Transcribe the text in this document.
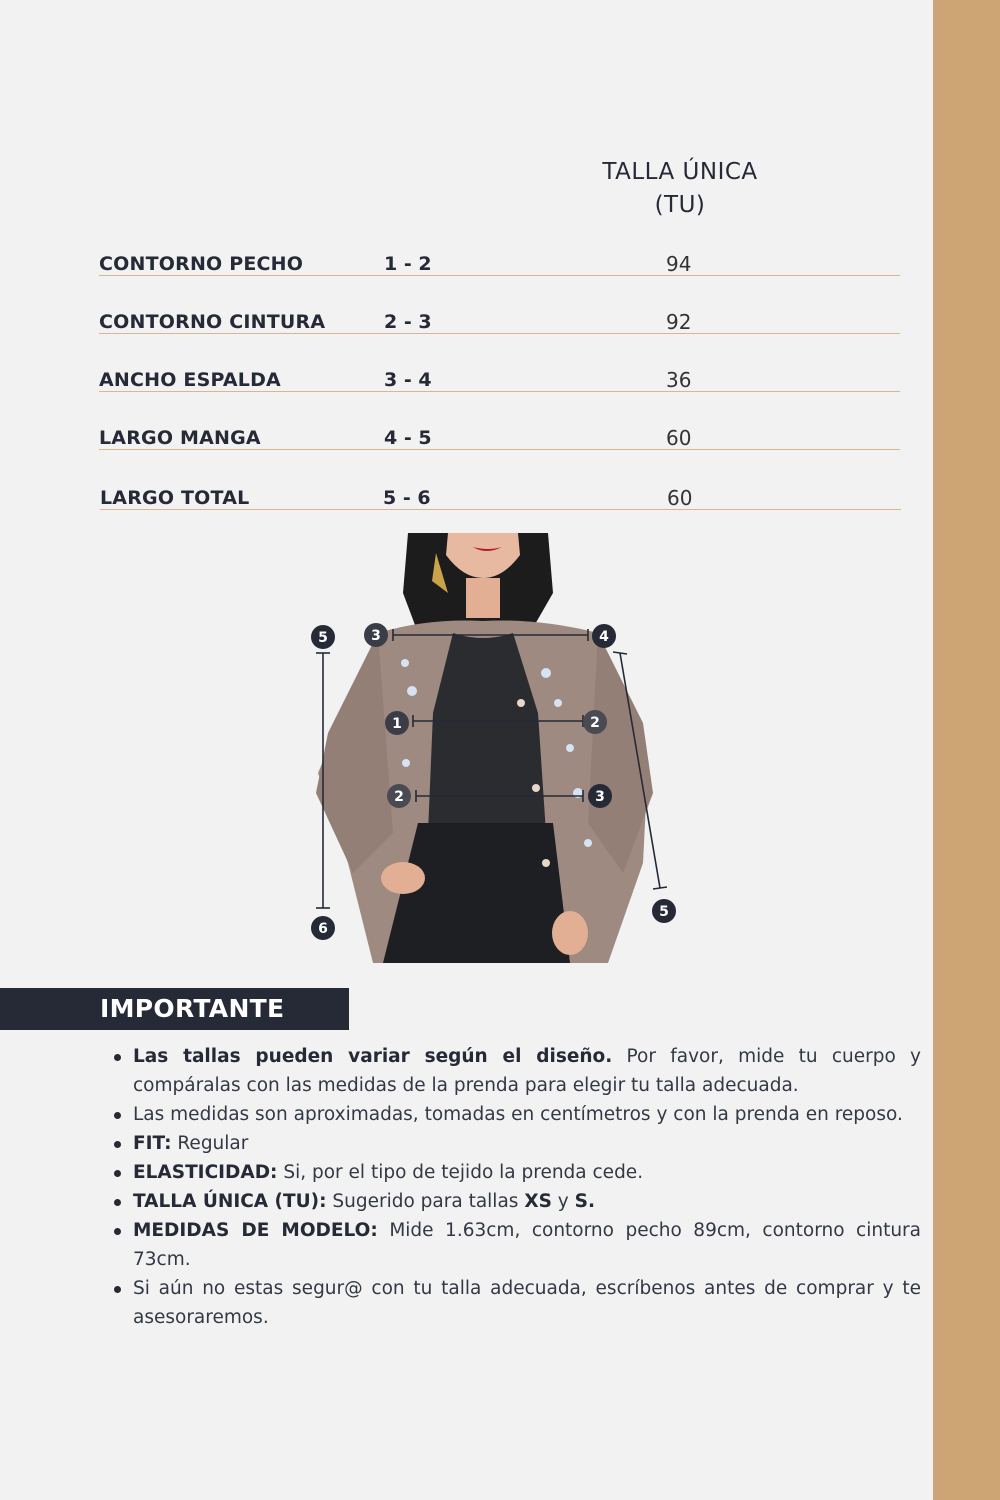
TALLA ÚNICA
(TU)
CONTORNO PECHO	1 - 2	94
CONTORNO CINTURA	2 - 3	92
ANCHO ESPALDA	3 - 4	36
LARGO MANGA	4 - 5	60
LARGO TOTAL	5 - 6	60
5
6
3	4
1	2
2	3
5
IMPORTANTE
Las tallas pueden variar según el diseño. Por favor, mide tu cuerpo y compáralas con las medidas de la prenda para elegir tu talla adecuada.
Las medidas son aproximadas, tomadas en centímetros y con la prenda en reposo.
FIT: Regular
ELASTICIDAD: Si, por el tipo de tejido la prenda cede.
TALLA ÚNICA (TU): Sugerido para tallas XS y S.
MEDIDAS DE MODELO: Mide 1.63cm, contorno pecho 89cm, contorno cintura 73cm.
Si aún no estas segur@ con tu talla adecuada, escríbenos antes de comprar y te asesoraremos.
